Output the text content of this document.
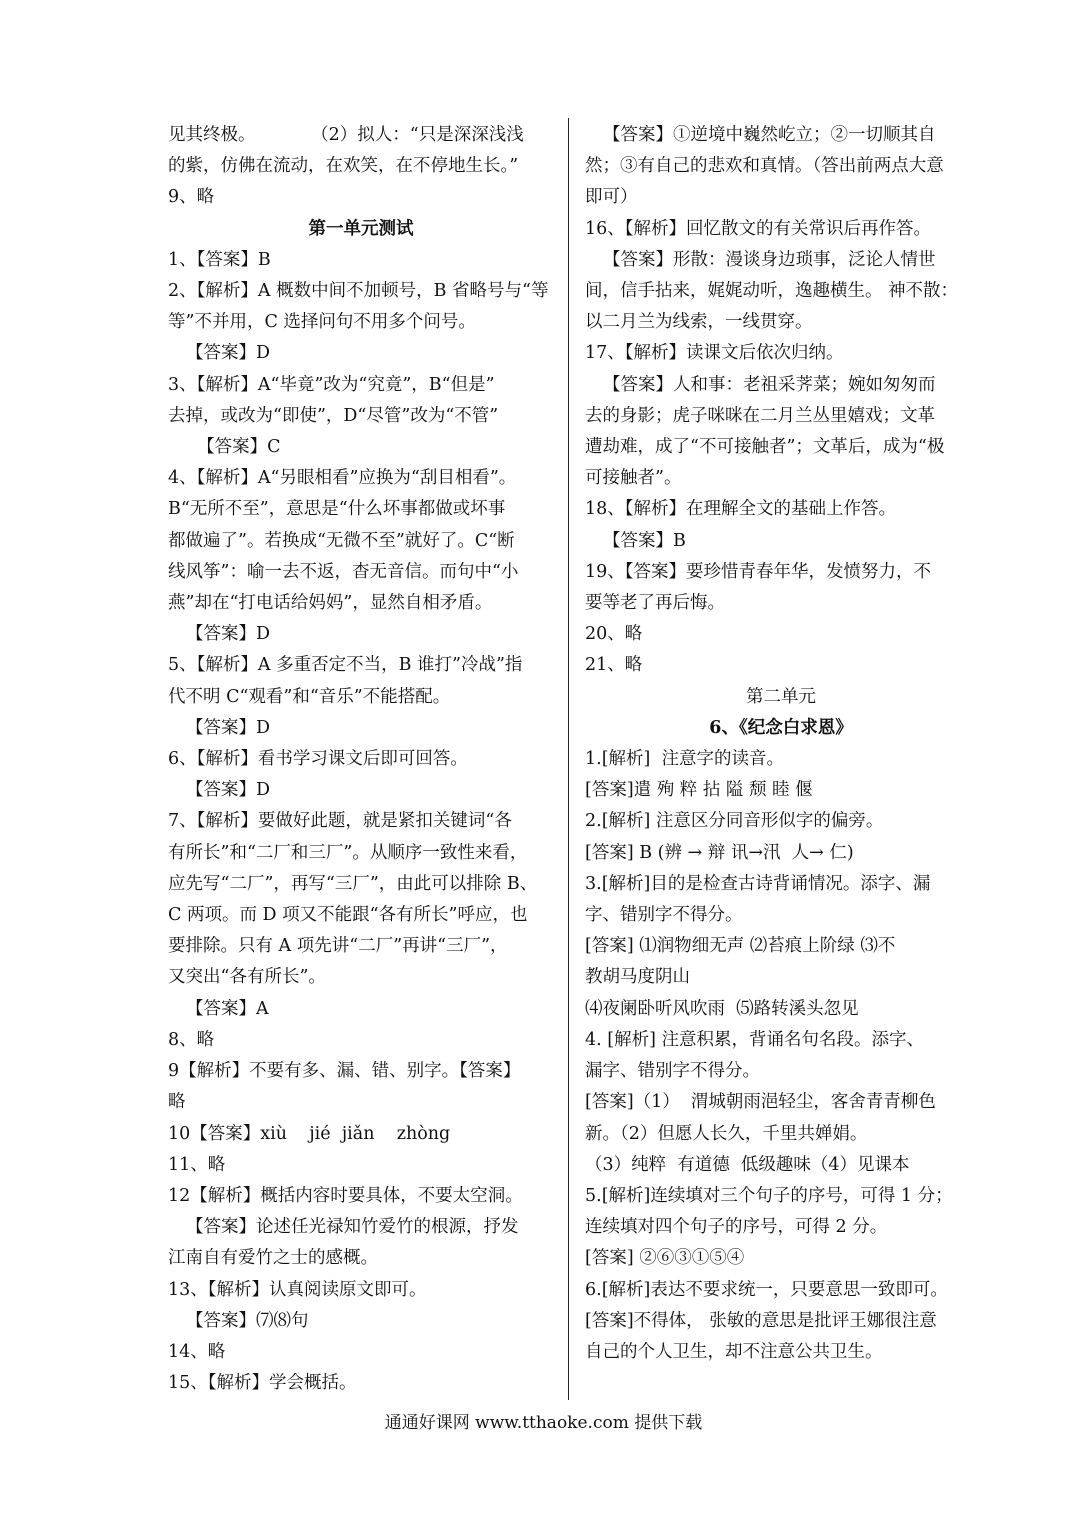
见其终极。          （2）拟人：“只是深深浅浅

的紫，仿佛在流动，在欢笑，在不停地生长。”

9、略

第一单元测试

1、【答案】B

2、【解析】A 概数中间不加顿号，B 省略号与“等

等”不并用，C 选择问句不用多个问号。

【答案】D

3、【解析】A“毕竟”改为“究竟”，B“但是”

去掉，或改为“即使”，D“尽管”改为“不管”

【答案】C

4、【解析】A“另眼相看”应换为“刮目相看”。

B“无所不至”，意思是“什么坏事都做或坏事

都做遍了”。若换成“无微不至”就好了。C“断

线风筝”：喻一去不返，杳无音信。而句中“小

燕”却在“打电话给妈妈”，显然自相矛盾。

【答案】D

5、【解析】A 多重否定不当，B 谁打”冷战”指

代不明 C“观看”和“音乐”不能搭配。

【答案】D

6、【解析】看书学习课文后即可回答。

【答案】D

7、【解析】要做好此题，就是紧扣关键词“各

有所长”和“二厂和三厂”。从顺序一致性来看，

应先写“二厂”，再写“三厂”，由此可以排除 B、

C 两项。而 D 项又不能跟“各有所长”呼应，也

要排除。只有 A 项先讲“二厂”再讲“三厂”，

又突出“各有所长”。

【答案】A

8、略

9【解析】不要有多、漏、错、别字。【答案】

略

10【答案】xiù    jié  jiǎn    zhòng

11、略

12【解析】概括内容时要具体，不要太空洞。

【答案】论述任光禄知竹爱竹的根源，抒发

江南自有爱竹之士的感概。

13、【解析】认真阅读原文即可。

【答案】⑺⑻句

14、略

15、【解析】学会概括。

【答案】①逆境中巍然屹立；②一切顺其自

然；③有自己的悲欢和真情。（答出前两点大意

即可）

16、【解析】回忆散文的有关常识后再作答。

【答案】形散：漫谈身边琐事，泛论人情世

间，信手拈来，娓娓动听，逸趣横生。 神不散：

以二月兰为线索，一线贯穿。

17、【解析】读课文后依次归纳。

【答案】人和事：老祖采荠菜；婉如匆匆而

去的身影；虎子咪咪在二月兰丛里嬉戏；文革

遭劫难，成了“不可接触者”；文革后，成为“极

可接触者”。

18、【解析】在理解全文的基础上作答。

【答案】B

19、【答案】要珍惜青春年华，发愤努力，不

要等老了再后悔。

20、略

21、略

第二单元

6、《纪念白求恩》

1.[解析]  注意字的读音。

[答案]遣 殉 粹 拈 隘 颓 睦 偃

2.[解析] 注意区分同音形似字的偏旁。

[答案] B (辨 → 辩 讯→汛  人→ 仁)

3.[解析]目的是检查古诗背诵情况。添字、漏

字、错别字不得分。

[答案] ⑴润物细无声 ⑵苔痕上阶绿 ⑶不

教胡马度阴山

⑷夜阑卧听风吹雨  ⑸路转溪头忽见

4. [解析] 注意积累，背诵名句名段。添字、

漏字、错别字不得分。

[答案]（1）  渭城朝雨浥轻尘，客舍青青柳色

新。（2）但愿人长久，千里共婵娟。

（3）纯粹  有道德  低级趣味（4）见课本

5.[解析]连续填对三个句子的序号，可得 1 分；

连续填对四个句子的序号，可得 2 分。

[答案] ②⑥③①⑤④

6.[解析]表达不要求统一，只要意思一致即可。

[答案]不得体， 张敏的意思是批评王娜很注意

自己的个人卫生，却不注意公共卫生。

通通好课网 www.tthaoke.com 提供下载
